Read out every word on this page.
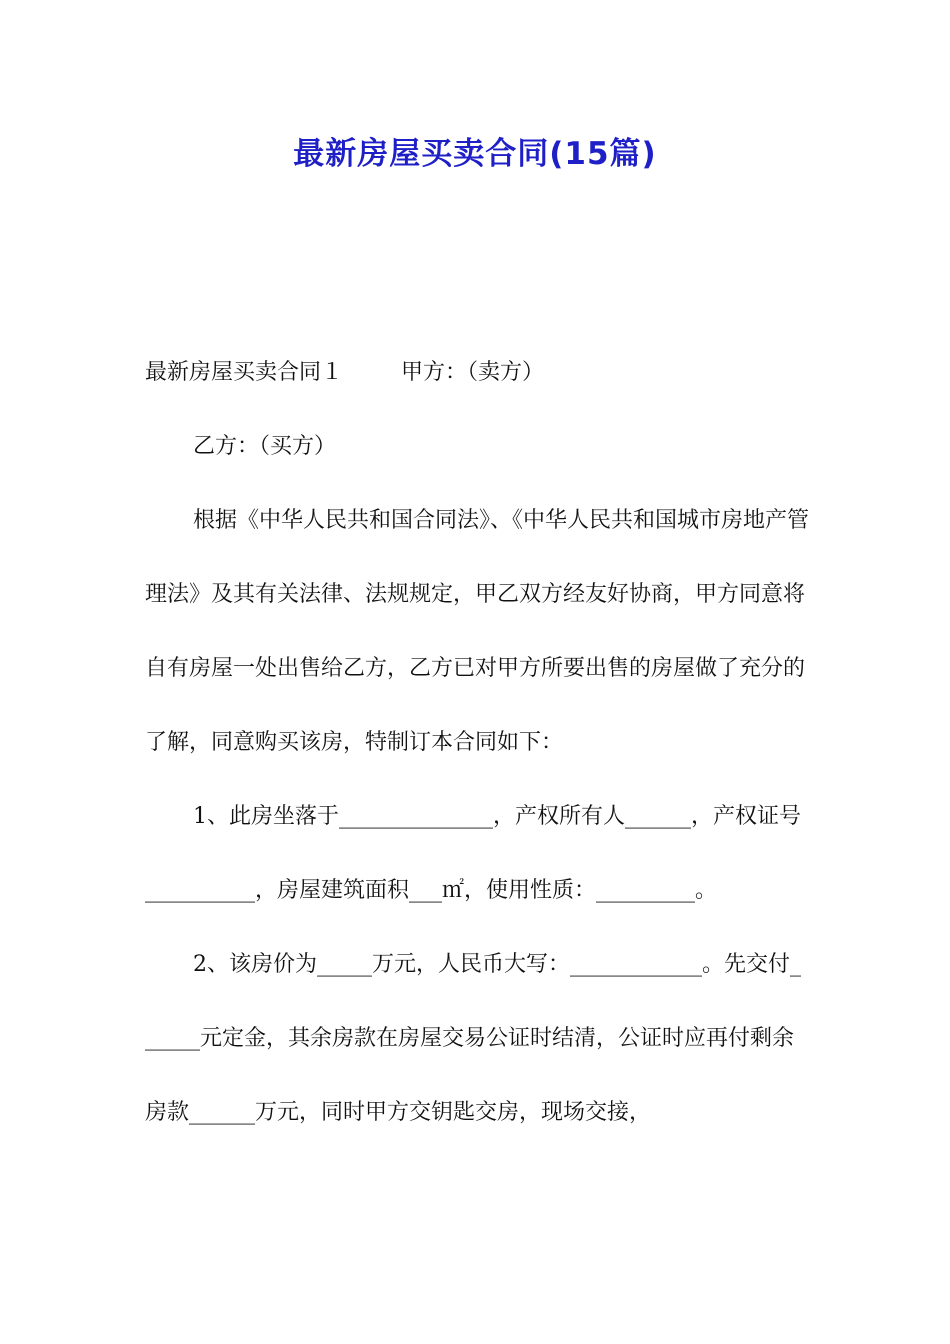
最新房屋买卖合同(15篇)

最新房屋买卖合同１	甲方：（卖方）

乙方：（买方）

根据《中华人民共和国合同法》、《中华人民共和国城市房地产管理法》及其有关法律、法规规定，甲乙双方经友好协商，甲方同意将自有房屋一处出售给乙方，乙方已对甲方所要出售的房屋做了充分的了解，同意购买该房，特制订本合同如下：

1、此房坐落于______________，产权所有人______，产权证号__________，房屋建筑面积___㎡，使用性质：_________。

2、该房价为_____万元，人民币大写：____________。先交付______元定金，其余房款在房屋交易公证时结清，公证时应再付剩余房款______万元，同时甲方交钥匙交房，现场交接，
